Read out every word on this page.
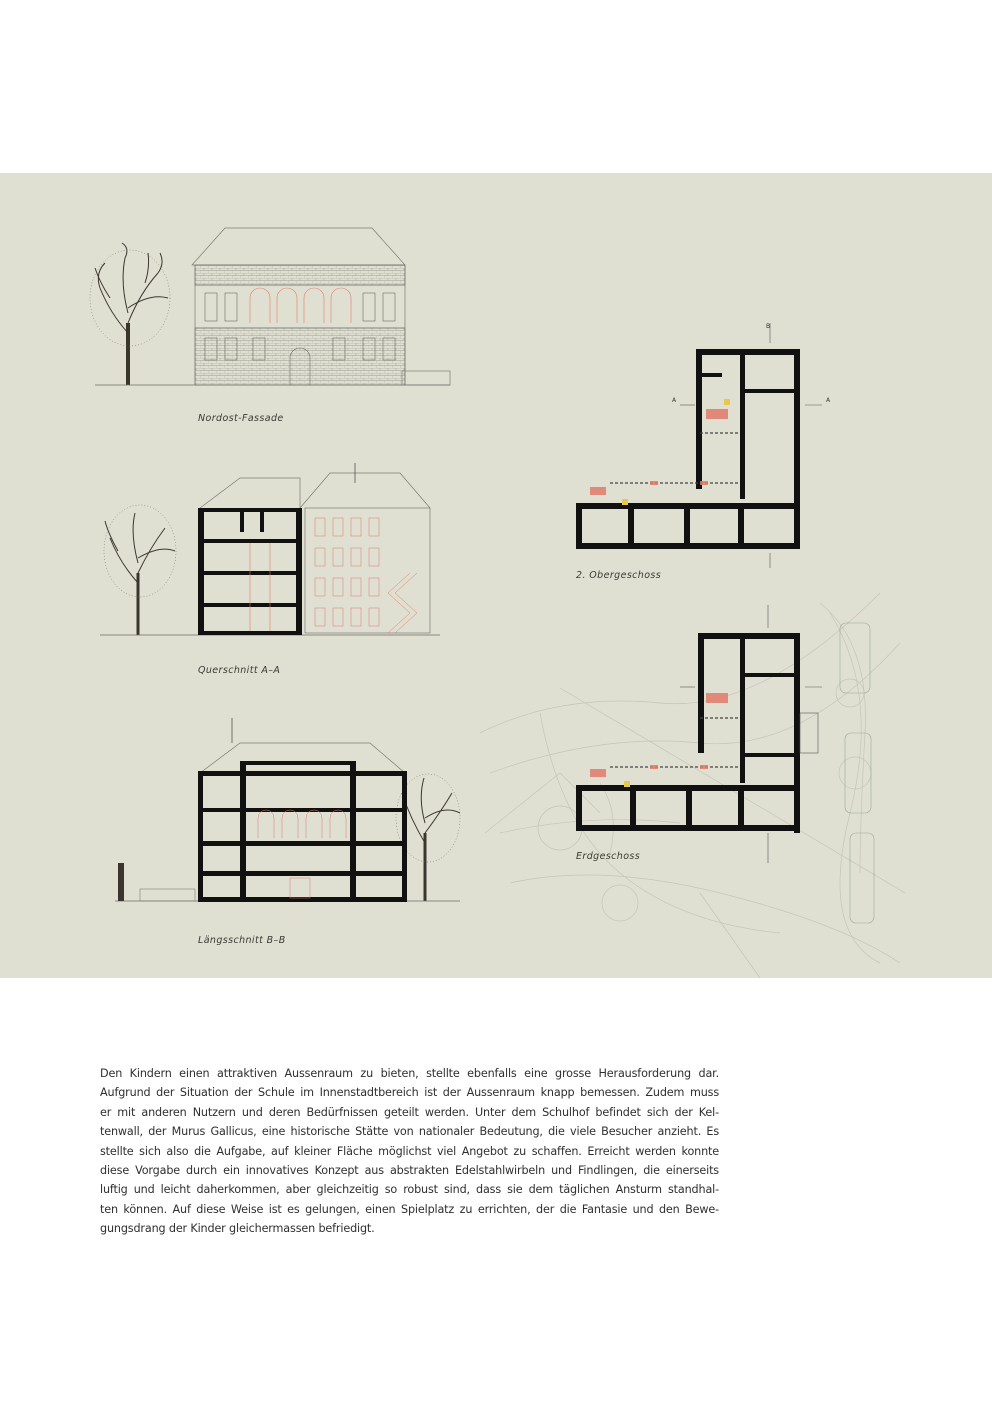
A	A
B
Nordost-Fassade
Querschnitt A–A
Längsschnitt B–B
2. Obergeschoss
Erdgeschoss

Den Kindern einen attraktiven Aussenraum zu bieten, stellte ebenfalls eine grosse Herausforderung dar.
Aufgrund der Situation der Schule im Innenstadtbereich ist der Aussenraum knapp bemessen. Zudem muss
er mit anderen Nutzern und deren Bedürfnissen geteilt werden. Unter dem Schulhof befindet sich der Kel-
tenwall, der Murus Gallicus, eine historische Stätte von nationaler Bedeutung, die viele Besucher anzieht. Es
stellte sich also die Aufgabe, auf kleiner Fläche möglichst viel Angebot zu schaffen. Erreicht werden konnte
diese Vorgabe durch ein innovatives Konzept aus abstrakten Edelstahlwirbeln und Findlingen, die einerseits
luftig und leicht daherkommen, aber gleichzeitig so robust sind, dass sie dem täglichen Ansturm standhal-
ten können. Auf diese Weise ist es gelungen, einen Spielplatz zu errichten, der die Fantasie und den Bewe-
gungsdrang der Kinder gleichermassen befriedigt.
